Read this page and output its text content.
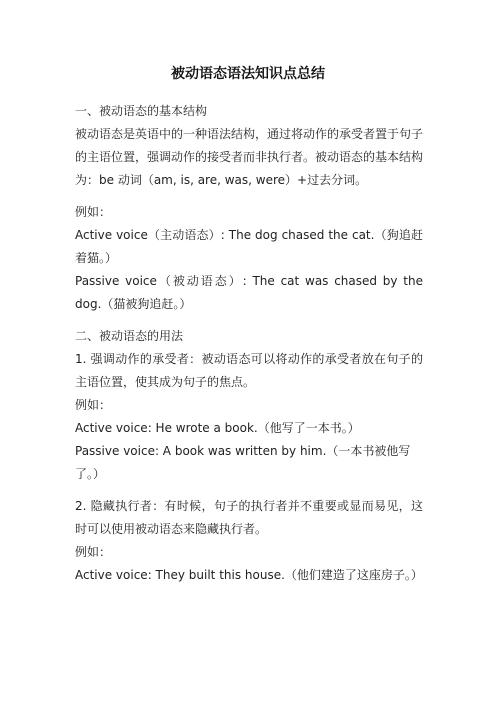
被动语态语法知识点总结

一、被动语态的基本结构

被动语态是英语中的一种语法结构，通过将动作的承受者置于句子的主语位置，强调动作的接受者而非执行者。被动语态的基本结构为：be 动词（am, is, are, was, were）+过去分词。

例如：

Active voice（主动语态）: The dog chased the cat.（狗追赶着猫。）

Passive voice（被动语态）: The cat was chased by the dog.（猫被狗追赶。）

二、被动语态的用法

1. 强调动作的承受者：被动语态可以将动作的承受者放在句子的主语位置，使其成为句子的焦点。

例如：

Active voice: He wrote a book.（他写了一本书。）

Passive voice: A book was written by him.（一本书被他写了。）

2. 隐藏执行者：有时候，句子的执行者并不重要或显而易见，这时可以使用被动语态来隐藏执行者。

例如：

Active voice: They built this house.（他们建造了这座房子。）
